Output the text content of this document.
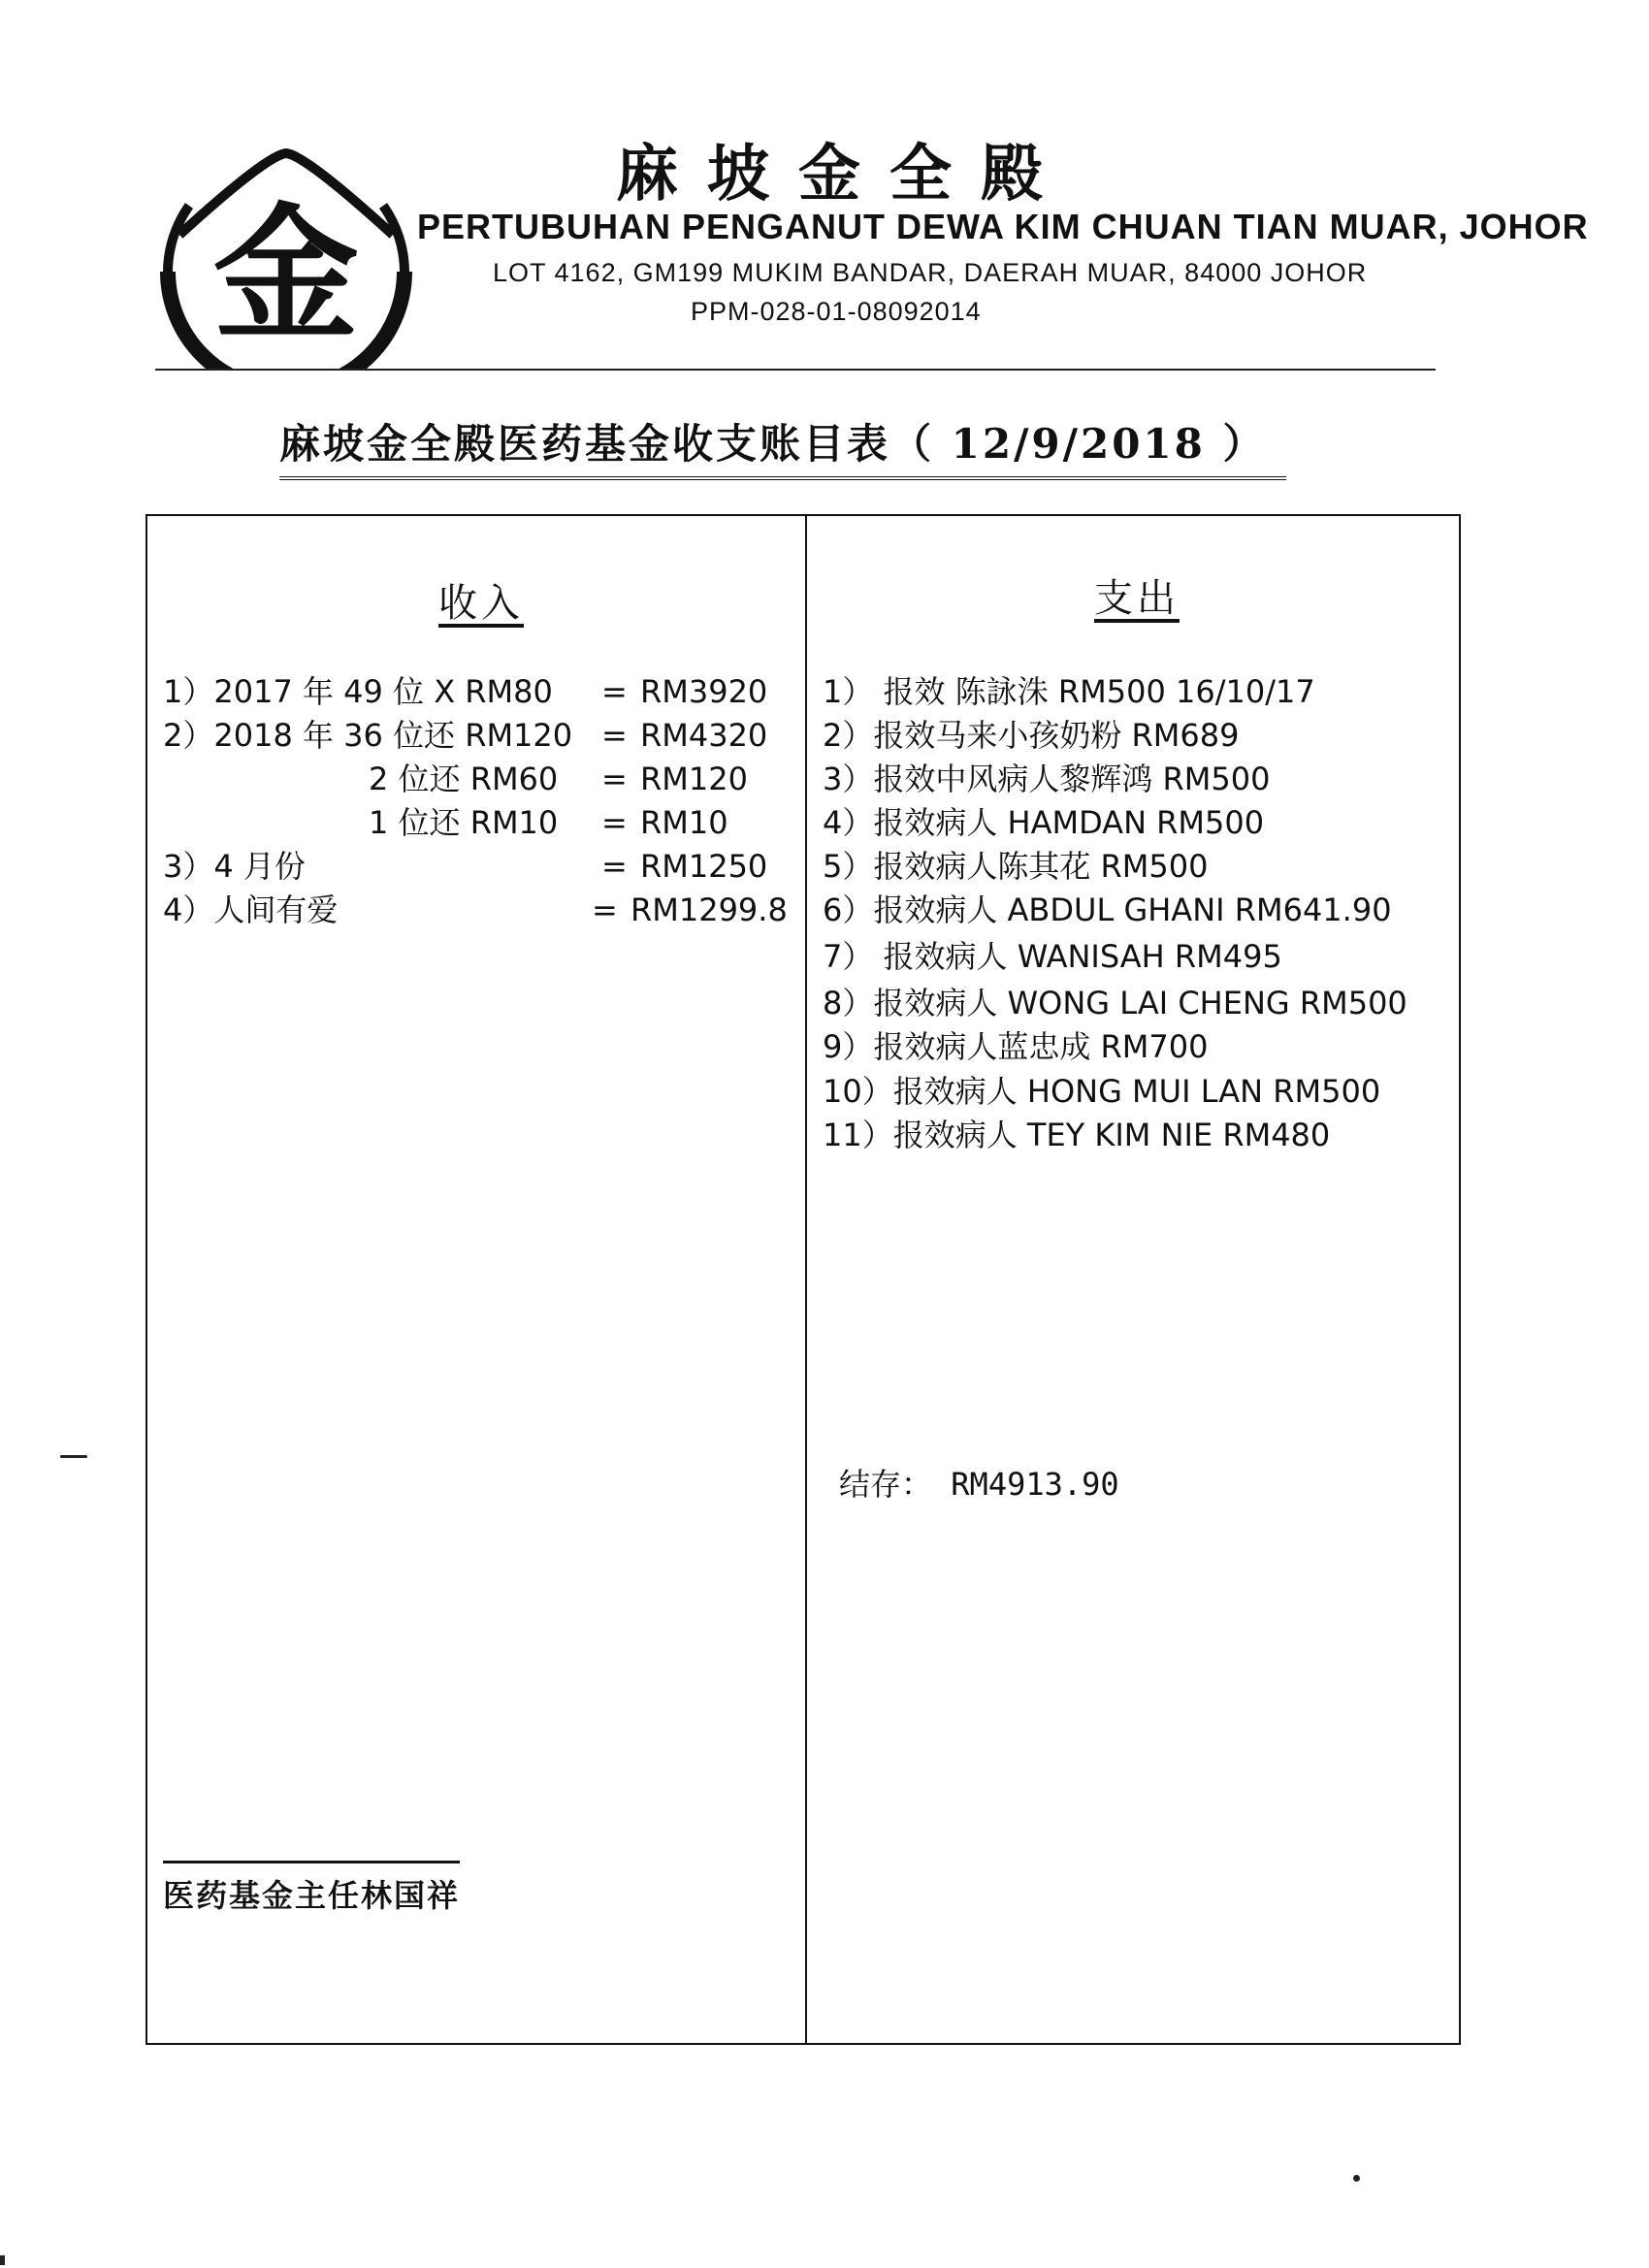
金
麻坡金全殿
PERTUBUHAN PENGANUT DEWA KIM CHUAN TIAN MUAR, JOHOR
LOT 4162, GM199 MUKIM BANDAR, DAERAH MUAR, 84000 JOHOR
PPM-028-01-08092014
麻坡金全殿医药基金收支账目表（ 12/9/2018 ）
收入	支出
1）2017 年 49 位 X RM80 = RM3920
2）2018 年 36 位还 RM120 = RM4320
2 位还 RM60 = RM120
1 位还 RM10 = RM10
3）4 月份	= RM1250
4）人间有爱	= RM1299.8
1） 报效 陈詠洙 RM500 16/10/17
2）报效马来小孩奶粉 RM689
3）报效中风病人黎辉鸿 RM500
4）报效病人 HAMDAN RM500
5）报效病人陈其花 RM500
6）报效病人 ABDUL GHANI RM641.90
7） 报效病人 WANISAH RM495
8）报效病人 WONG LAI CHENG RM500
9）报效病人蓝忠成 RM700
10）报效病人 HONG MUI LAN RM500
11）报效病人 TEY KIM NIE RM480
结存： RM4913.90
医药基金主任林国祥
